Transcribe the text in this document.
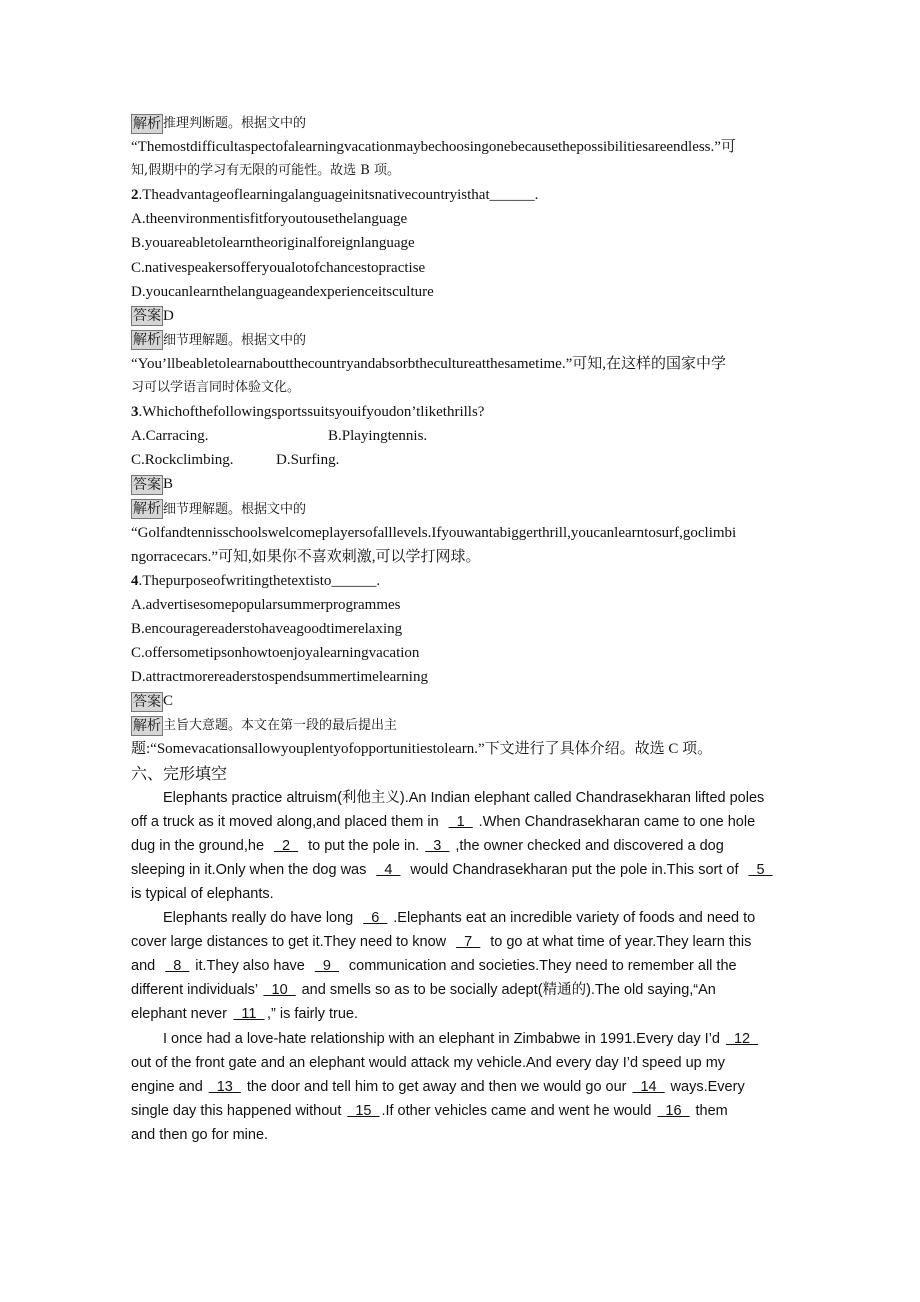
解析 推理判断题。根据文中的
“Themostdifficultaspectofalearningvacationmaybechoosingonebecausethepossibilitiesareendless.”可
知,假期中的学习有无限的可能性。故选 B 项。
2.Theadvantageoflearningalanguageinitsnativecountryisthat______.
A.theenvironmentisfitforyoutousethelanguage
B.youareabletolearntheoriginalforeignlanguage
C.nativespeakersofferyoualotofchancestopractise
D.youcanlearnthelanguageandexperienceitsculture
答案 D
解析 细节理解题。根据文中的
“You’llbeabletolearnaboutthecountryandabsorbthecultureatthesametime.”可知,在这样的国家中学
习可以学语言同时体验文化。
3.Whichofthefollowingsportssuitsyouifyoudon’tlikethrills?
A.Carracing.	B.Playingtennis.
C.Rockclimbing.	D.Surfing.
答案 B
解析 细节理解题。根据文中的
“Golfandtennisschoolswelcomeplayersofalllevels.Ifyouwantabiggerthrill,youcanlearntosurf,goclimbi
ngorracecars.”可知,如果你不喜欢刺激,可以学打网球。
4.Thepurposeofwritingthetextisto______.
A.advertisesomepopularsummerprogrammes
B.encouragereaderstohaveagoodtimerelaxing
C.offersometipsonhowtoenjoyalearningvacation
D.attractmorereaderstospendsummertimelearning
答案 C
解析 主旨大意题。本文在第一段的最后提出主
题:“Somevacationsallowyouplentyofopportunitiestolearn.”下文进行了具体介绍。故选 C 项。
六、完形填空
Elephants practice altruism(利他主义).An Indian elephant called Chandrasekharan lifted poles
off a truck as it moved along,and placed them in   1  .When Chandrasekharan came to one hole
dug in the ground,he   2   to put the pole in.  3  ,the owner checked and discovered a dog
sleeping in it.Only when the dog was   4   would Chandrasekharan put the pole in.This sort of   5
is typical of elephants.
Elephants really do have long   6  .Elephants eat an incredible variety of foods and need to
cover large distances to get it.They need to know   7   to go at what time of year.They learn this
and   8  it.They also have   9   communication and societies.They need to remember all the
different individuals’   10   and smells so as to be socially adept(精通的).The old saying,“An
elephant never   11  ,” is fairly true.
I once had a love-hate relationship with an elephant in Zimbabwe in 1991.Every day I’d   12
out of the front gate and an elephant would attack my vehicle.And every day I’d speed up my
engine and   13   the door and tell him to get away and then we would go our   14   ways.Every
single day this happened without   15  .If other vehicles came and went he would   16   them
and then go for mine.
